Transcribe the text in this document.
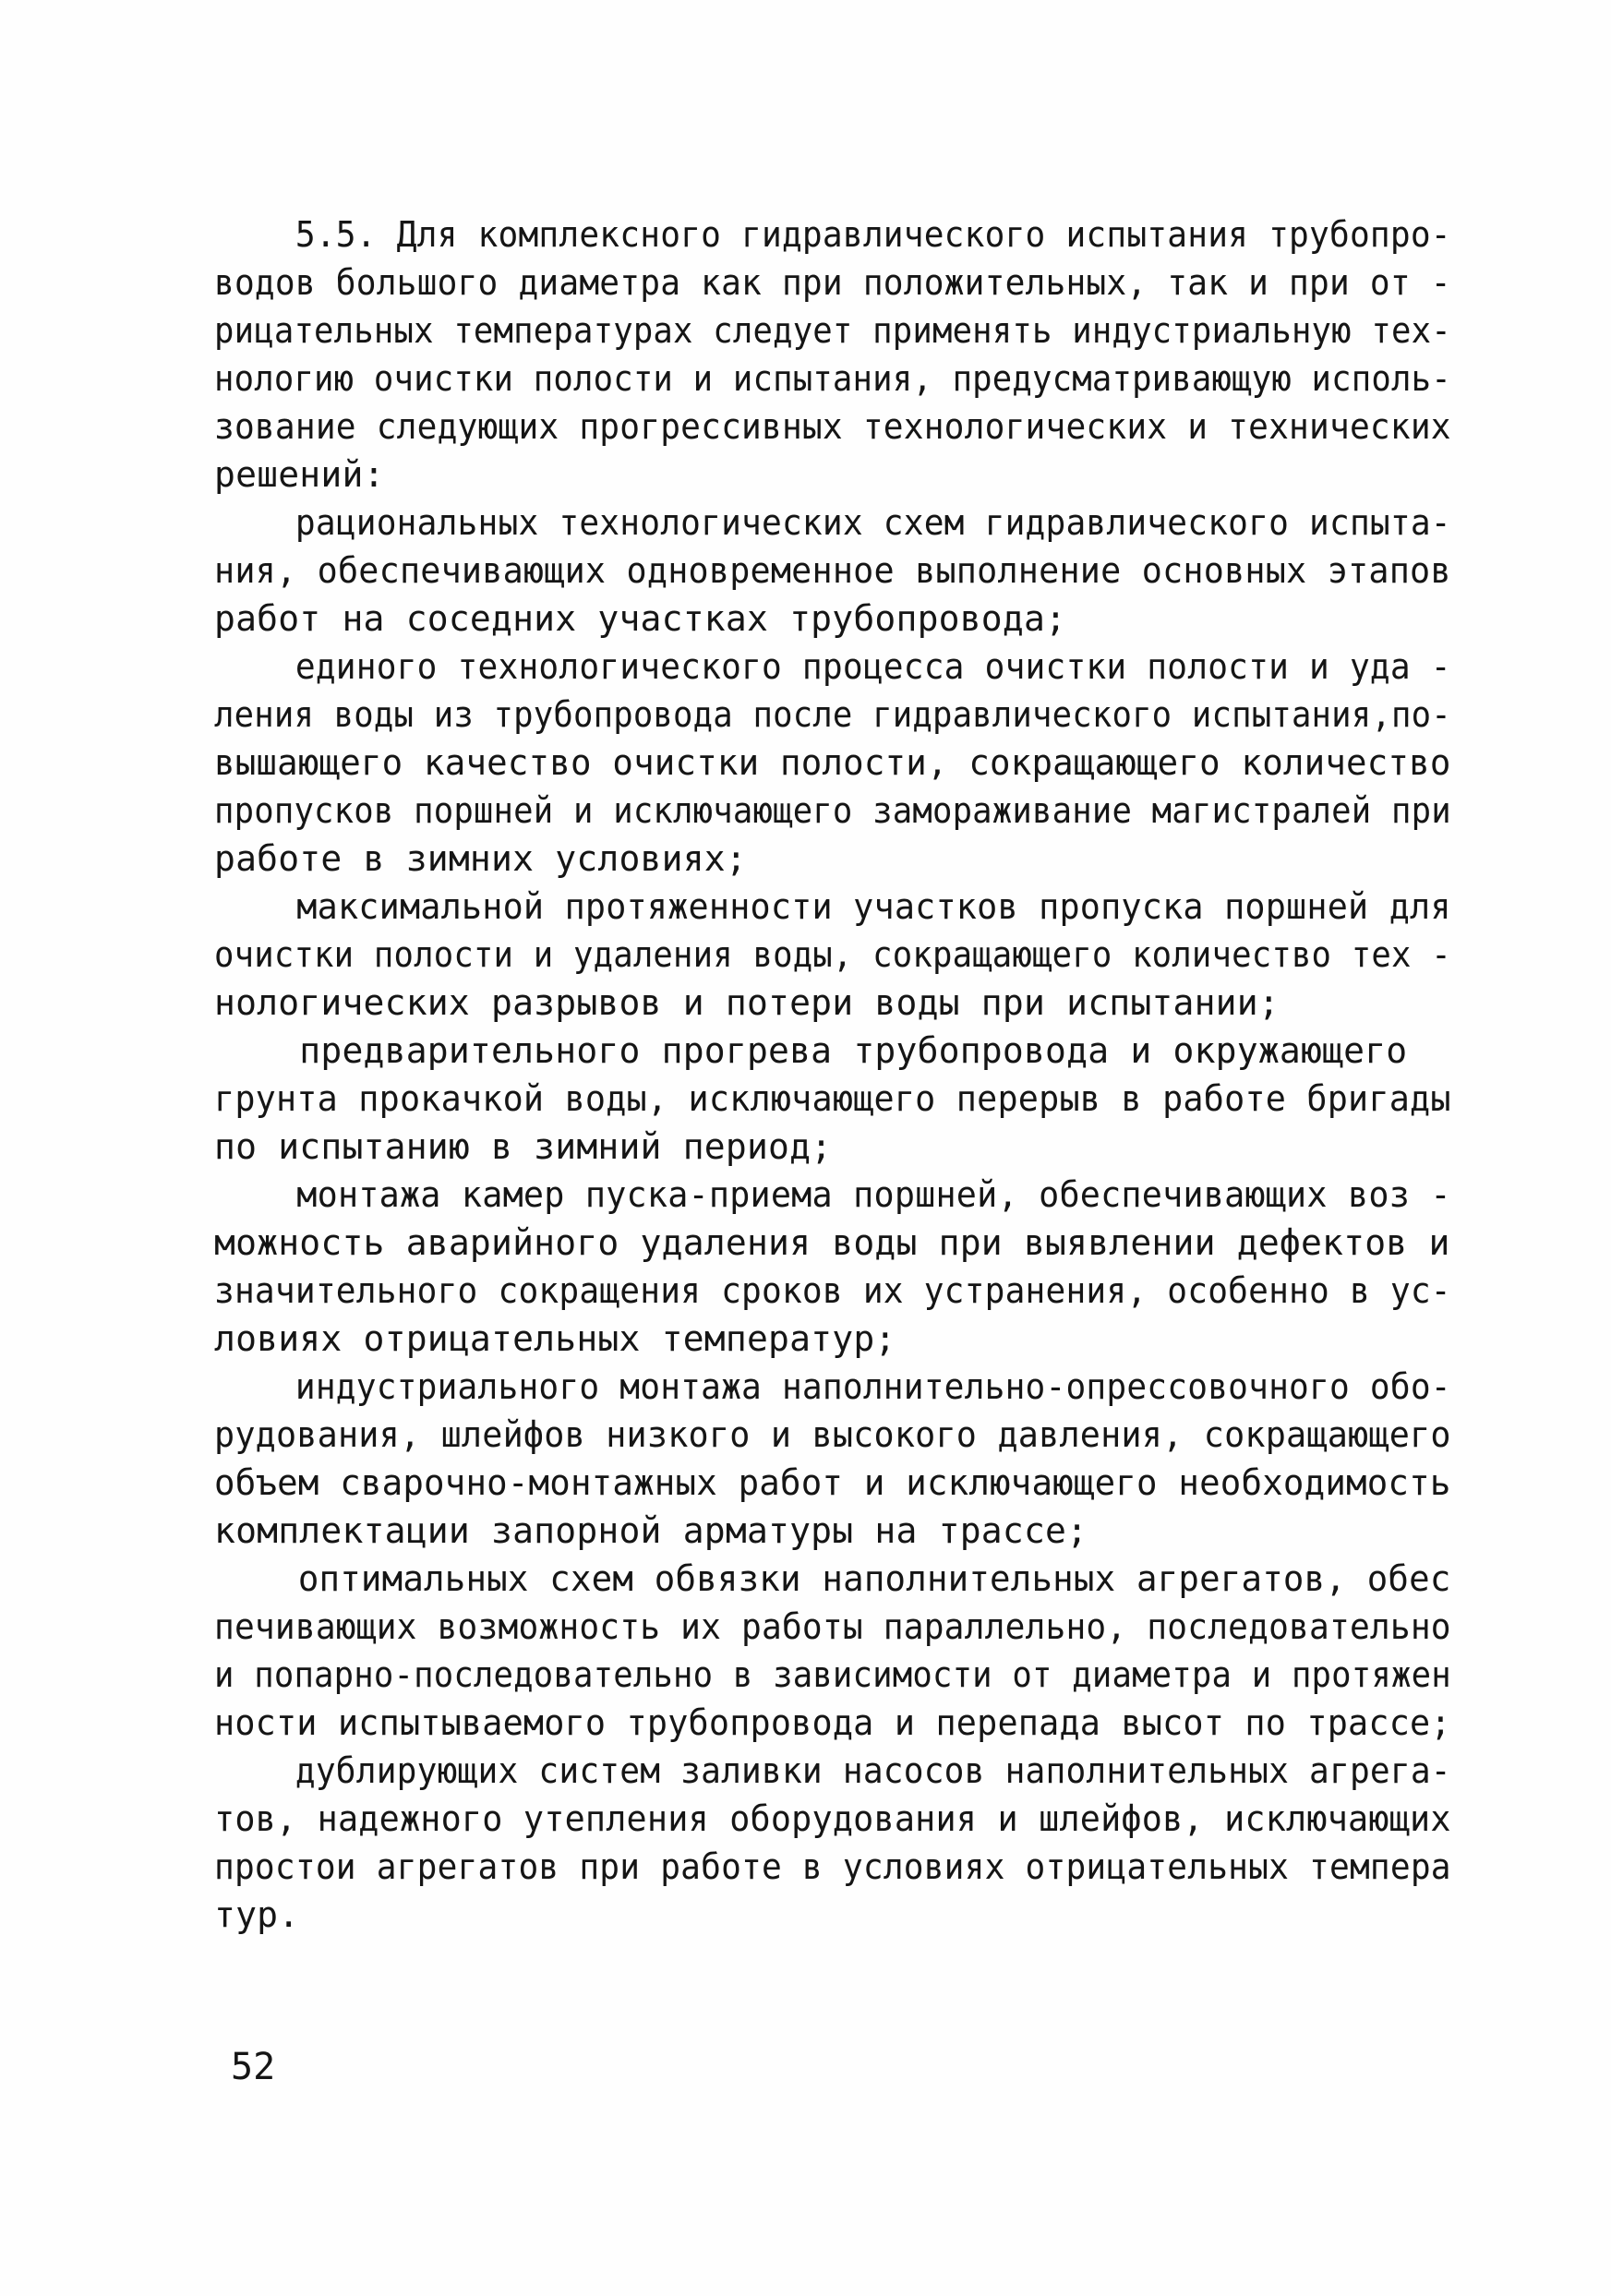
5.5. Для комплексного гидравлического испытания трубопро-
водов большого диаметра как при положительных, так и при от -
рицательных температурах следует применять индустриальную тех-
нологию очистки полости и испытания, предусматривающую исполь-
зование следующих прогрессивных технологических и технических
решений:
рациональных технологических схем гидравлического испыта-
ния, обеспечивающих одновременное выполнение основных этапов
работ на соседних участках трубопровода;
единого технологического процесса очистки полости и уда -
ления воды из трубопровода после гидравлического испытания,по-
вышающего качество очистки полости, сокращающего количество
пропусков поршней и исключающего замораживание магистралей при
работе в зимних условиях;
максимальной протяженности участков пропуска поршней для
очистки полости и удаления воды, сокращающего количество тех -
нологических разрывов и потери воды при испытании;
предварительного прогрева трубопровода и окружающего
грунта прокачкой воды, исключающего перерыв в работе бригады
по испытанию в зимний период;
монтажа камер пуска-приема поршней, обеспечивающих воз -
можность аварийного удаления воды при выявлении дефектов и
значительного сокращения сроков их устранения, особенно в ус-
ловиях отрицательных температур;
индустриального монтажа наполнительно-опрессовочного обо-
рудования, шлейфов низкого и высокого давления, сокращающего
объем сварочно-монтажных работ и исключающего необходимость
комплектации запорной арматуры на трассе;
оптимальных схем обвязки наполнительных агрегатов, обес
печивающих возможность их работы параллельно, последовательно
и попарно-последовательно в зависимости от диаметра и протяжен
ности испытываемого трубопровода и перепада высот по трассе;
дублирующих систем заливки насосов наполнительных агрега-
тов, надежного утепления оборудования и шлейфов, исключающих
простои агрегатов при работе в условиях отрицательных темпера
тур.
52
